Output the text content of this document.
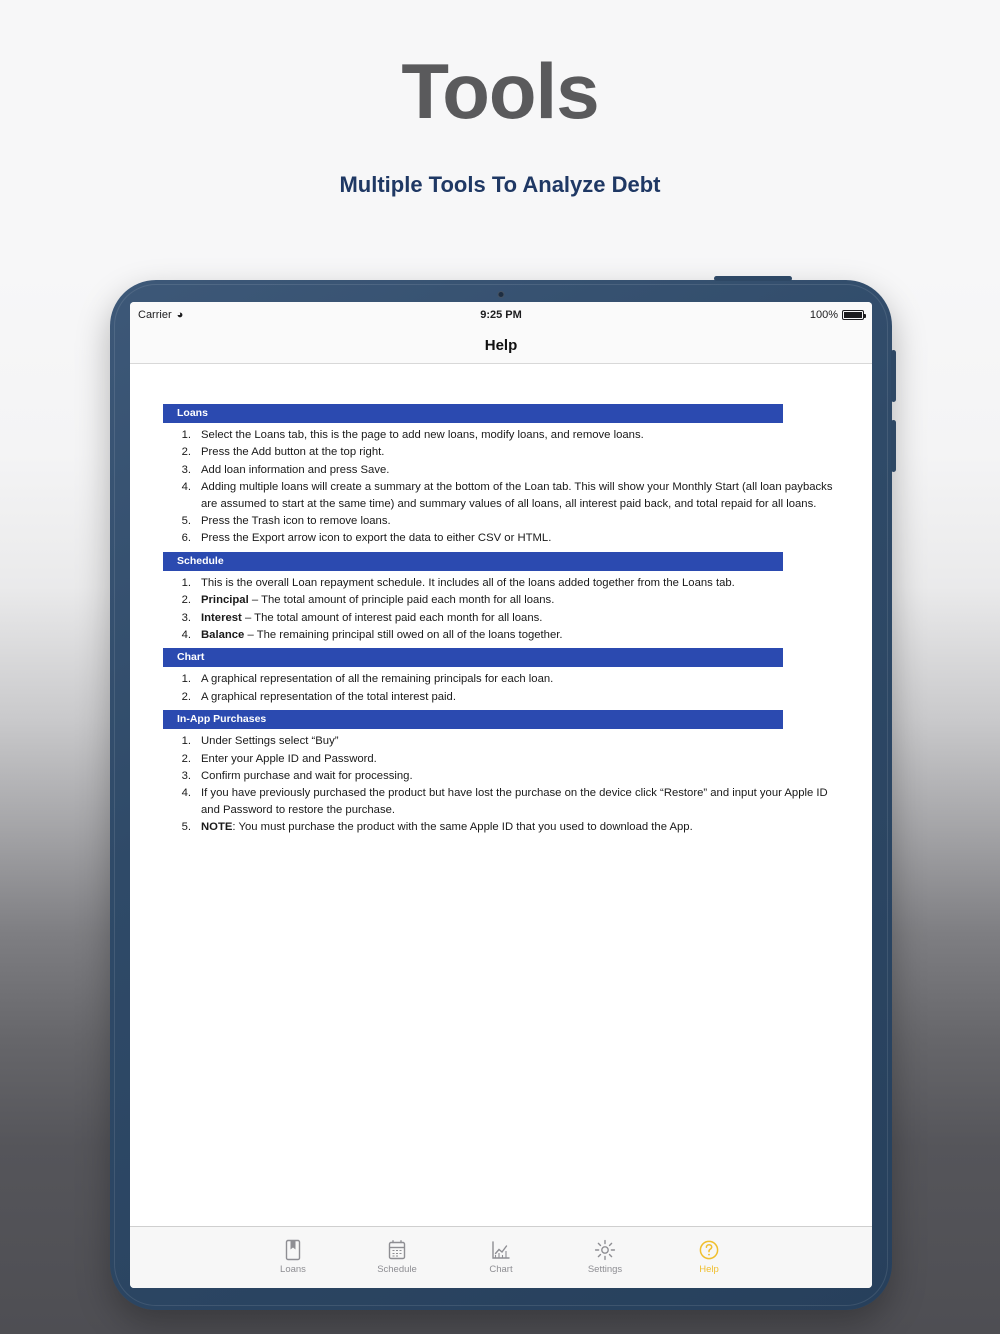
Tools
Multiple Tools To Analyze Debt
Carrier ◕	9:25 PM	100%
Help
Loans
1. Select the Loans tab, this is the page to add new loans, modify loans, and remove loans.
2. Press the Add button at the top right.
3. Add loan information and press Save.
4. Adding multiple loans will create a summary at the bottom of the Loan tab. This will show your Monthly Start (all loan paybacks are assumed to start at the same time) and summary values of all loans, all interest paid back, and total repaid for all loans.
5. Press the Trash icon to remove loans.
6. Press the Export arrow icon to export the data to either CSV or HTML.
Schedule
1. This is the overall Loan repayment schedule. It includes all of the loans added together from the Loans tab.
2. Principal – The total amount of principle paid each month for all loans.
3. Interest – The total amount of interest paid each month for all loans.
4. Balance – The remaining principal still owed on all of the loans together.
Chart
1. A graphical representation of all the remaining principals for each loan.
2. A graphical representation of the total interest paid.
In-App Purchases
1. Under Settings select “Buy”
2. Enter your Apple ID and Password.
3. Confirm purchase and wait for processing.
4. If you have previously purchased the product but have lost the purchase on the device click “Restore” and input your Apple ID and Password to restore the purchase.
5. NOTE: You must purchase the product with the same Apple ID that you used to download the App.
Loans	Schedule	Chart	Settings	Help
